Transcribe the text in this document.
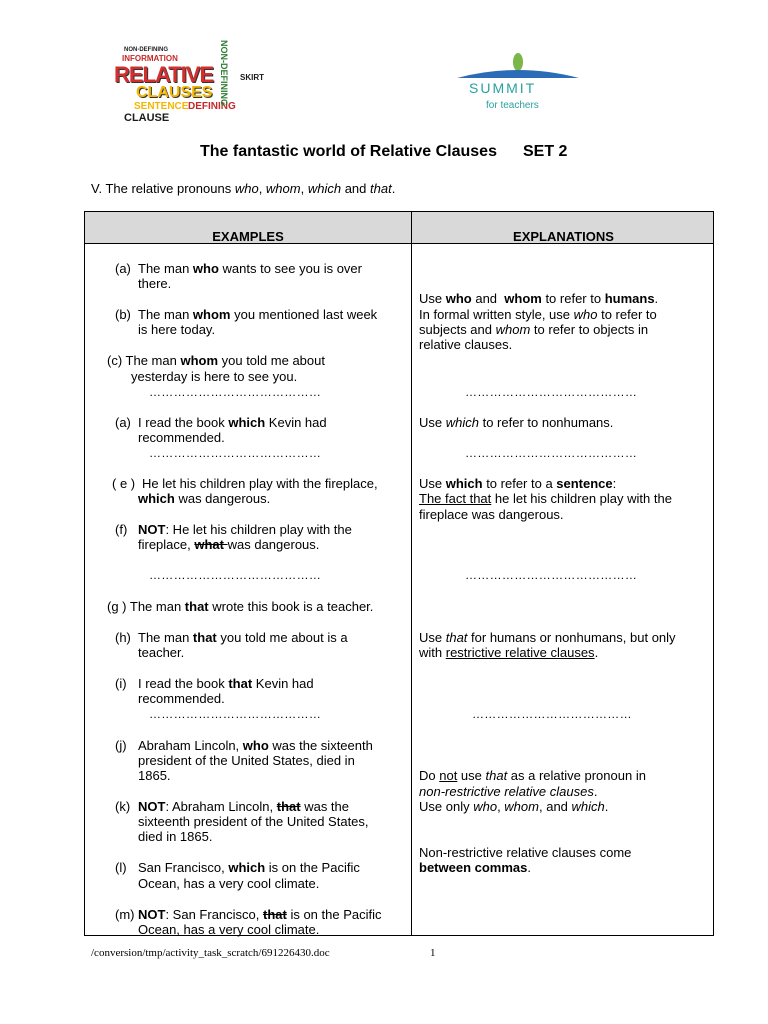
NON-DEFINING
INFORMATION
RELATIVE
CLAUSES
SENTENCE DEFINING
CLAUSE
NON-DEFINING SKIRT
SUMMIT
for teachers
The fantastic world of Relative Clauses SET 2
V. The relative pronouns who, whom, which and that.
EXAMPLES	EXPLANATIONS
(a) The man who wants to see you is over
there.
(b) The man whom you mentioned last week
is here today.
(c) The man whom you told me about
yesterday is here to see you.
……………………………………
(a) I read the book which Kevin had
recommended.
……………………………………
( e ) He let his children play with the fireplace,
which was dangerous.
(f) NOT: He let his children play with the
fireplace, what was dangerous.
……………………………………
(g ) The man that wrote this book is a teacher.
(h) The man that you told me about is a
teacher.
(i) I read the book that Kevin had
recommended.
……………………………………
(j) Abraham Lincoln, who was the sixteenth
president of the United States, died in
1865.
(k) NOT: Abraham Lincoln, that was the
sixteenth president of the United States,
died in 1865.
(l) San Francisco, which is on the Pacific
Ocean, has a very cool climate.
(m) NOT: San Francisco, that is on the Pacific
Ocean, has a very cool climate.
Use who and  whom to refer to humans.
In formal written style, use who to refer to
subjects and whom to refer to objects in
relative clauses.
……………………………………
Use which to refer to nonhumans.
……………………………………
Use which to refer to a sentence:
The fact that he let his children play with the
fireplace was dangerous.
……………………………………
Use that for humans or nonhumans, but only
with restrictive relative clauses.
…………………………………
Do not use that as a relative pronoun in
non-restrictive relative clauses.
Use only who, whom, and which.
Non-restrictive relative clauses come
between commas.
/conversion/tmp/activity_task_scratch/691226430.doc	1
